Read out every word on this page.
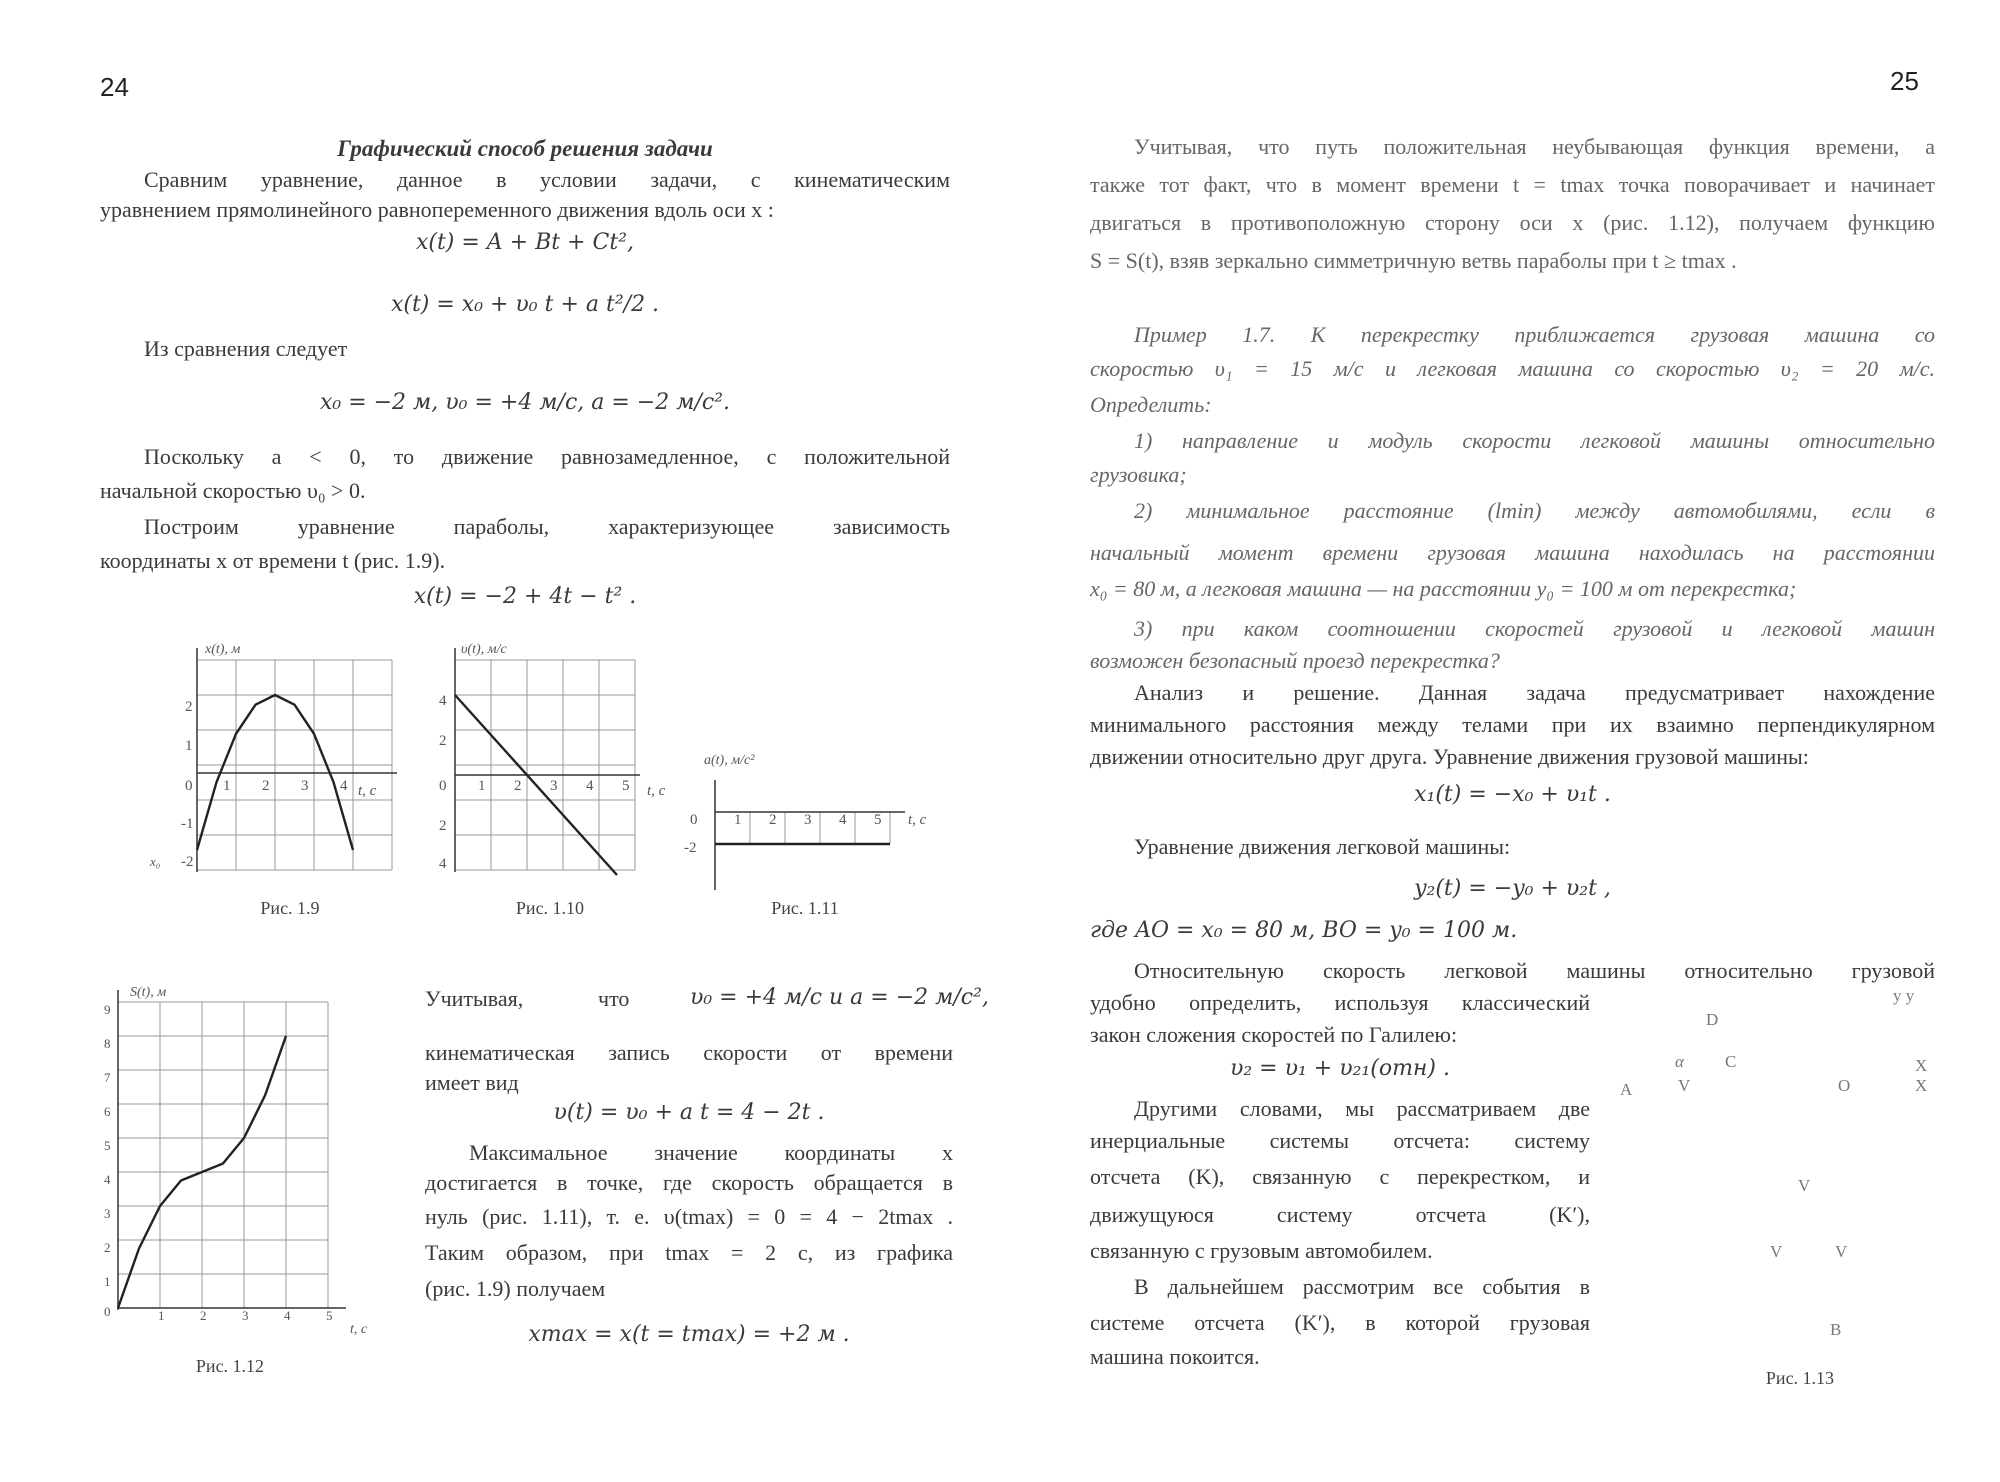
24
Графический способ решения задачи
Сравним уравнение, данное в условии задачи, с кинематическим
уравнением прямолинейного равнопеременного движения вдоль оси x :
x(t) = A + Bt + Ct²,
x(t) = x₀ + υ₀ t + a t²/2 .
Из сравнения следует
x₀ = −2 м, υ₀ = +4 м/с, a = −2 м/с².
Поскольку a < 0, то движение равнозамедленное, с положительной
начальной скоростью υ₀ > 0.
Построим уравнение параболы, характеризующее зависимость
координаты x от времени t (рис. 1.9).
x(t) = −2 + 4t − t² .
x(t), м
t, c
2
1
0
-1
-2
x₀
1 2 3 4
Рис. 1.9
υ(t), м/с
t, c
4
2
0
2
4
1 2 3 4 5
Рис. 1.10
a(t), м/с²
t, c
0
-2
1 2 3 4 5
Рис. 1.11
S(t), м
t, c
9
8
7
6
5
4
3
2
1
0	1	2	3	4	5
Рис. 1.12
Учитывая,	что	υ₀ = +4 м/с и a = −2 м/с²,
кинематическая запись скорости от времени
имеет вид
υ(t) = υ₀ + a t = 4 − 2t .
Максимальное значение координаты x
достигается в точке, где скорость обращается в
нуль (рис. 1.11), т. е. υ(tmax) = 0 = 4 − 2tmax .
Таким образом, при tmax = 2 c, из графика
(рис. 1.9) получаем
xmax = x(t = tmax) = +2 м .
25
Учитывая, что путь положительная неубывающая функция времени, а
также тот факт, что в момент времени t = tmax точка поворачивает и начинает
двигаться в противоположную сторону оси x (рис. 1.12), получаем функцию
S = S(t), взяв зеркально симметричную ветвь параболы при t ≥ tmax .
Пример 1.7. К перекрестку приближается грузовая машина со
скоростью υ₁ = 15 м/с и легковая машина со скоростью υ₂ = 20 м/с.
Определить:
1) направление и модуль скорости легковой машины относительно
грузовика;
2) минимальное расстояние (lmin) между автомобилями, если в
начальный момент времени грузовая машина находилась на расстоянии
x₀ = 80 м, а легковая машина — на расстоянии y₀ = 100 м от перекрестка;
3) при каком соотношении скоростей грузовой и легковой машин
возможен безопасный проезд перекрестка?
Анализ и решение. Данная задача предусматривает нахождение
минимального расстояния между телами при их взаимно перпендикулярном
движении относительно друг друга. Уравнение движения грузовой машины:
x₁(t) = −x₀ + υ₁t .
Уравнение движения легковой машины:
y₂(t) = −y₀ + υ₂t ,
где AO = x₀ = 80 м, BO = y₀ = 100 м.
Относительную скорость легковой машины относительно грузовой
удобно определить, используя классический
закон сложения скоростей по Галилею:
υ₂ = υ₁ + υ₂₁(отн) .
Другими словами, мы рассматриваем две
инерциальные системы отсчета: систему
отсчета (K), связанную с перекрестком, и
движущуюся систему отсчета (K′),
связанную с грузовым автомобилем.
В дальнейшем рассмотрим все события в
системе отсчета (K′), в которой грузовая
машина покоится.
у у
D
α C
V
A	O
X
X
V
V	V
B
Рис. 1.13
